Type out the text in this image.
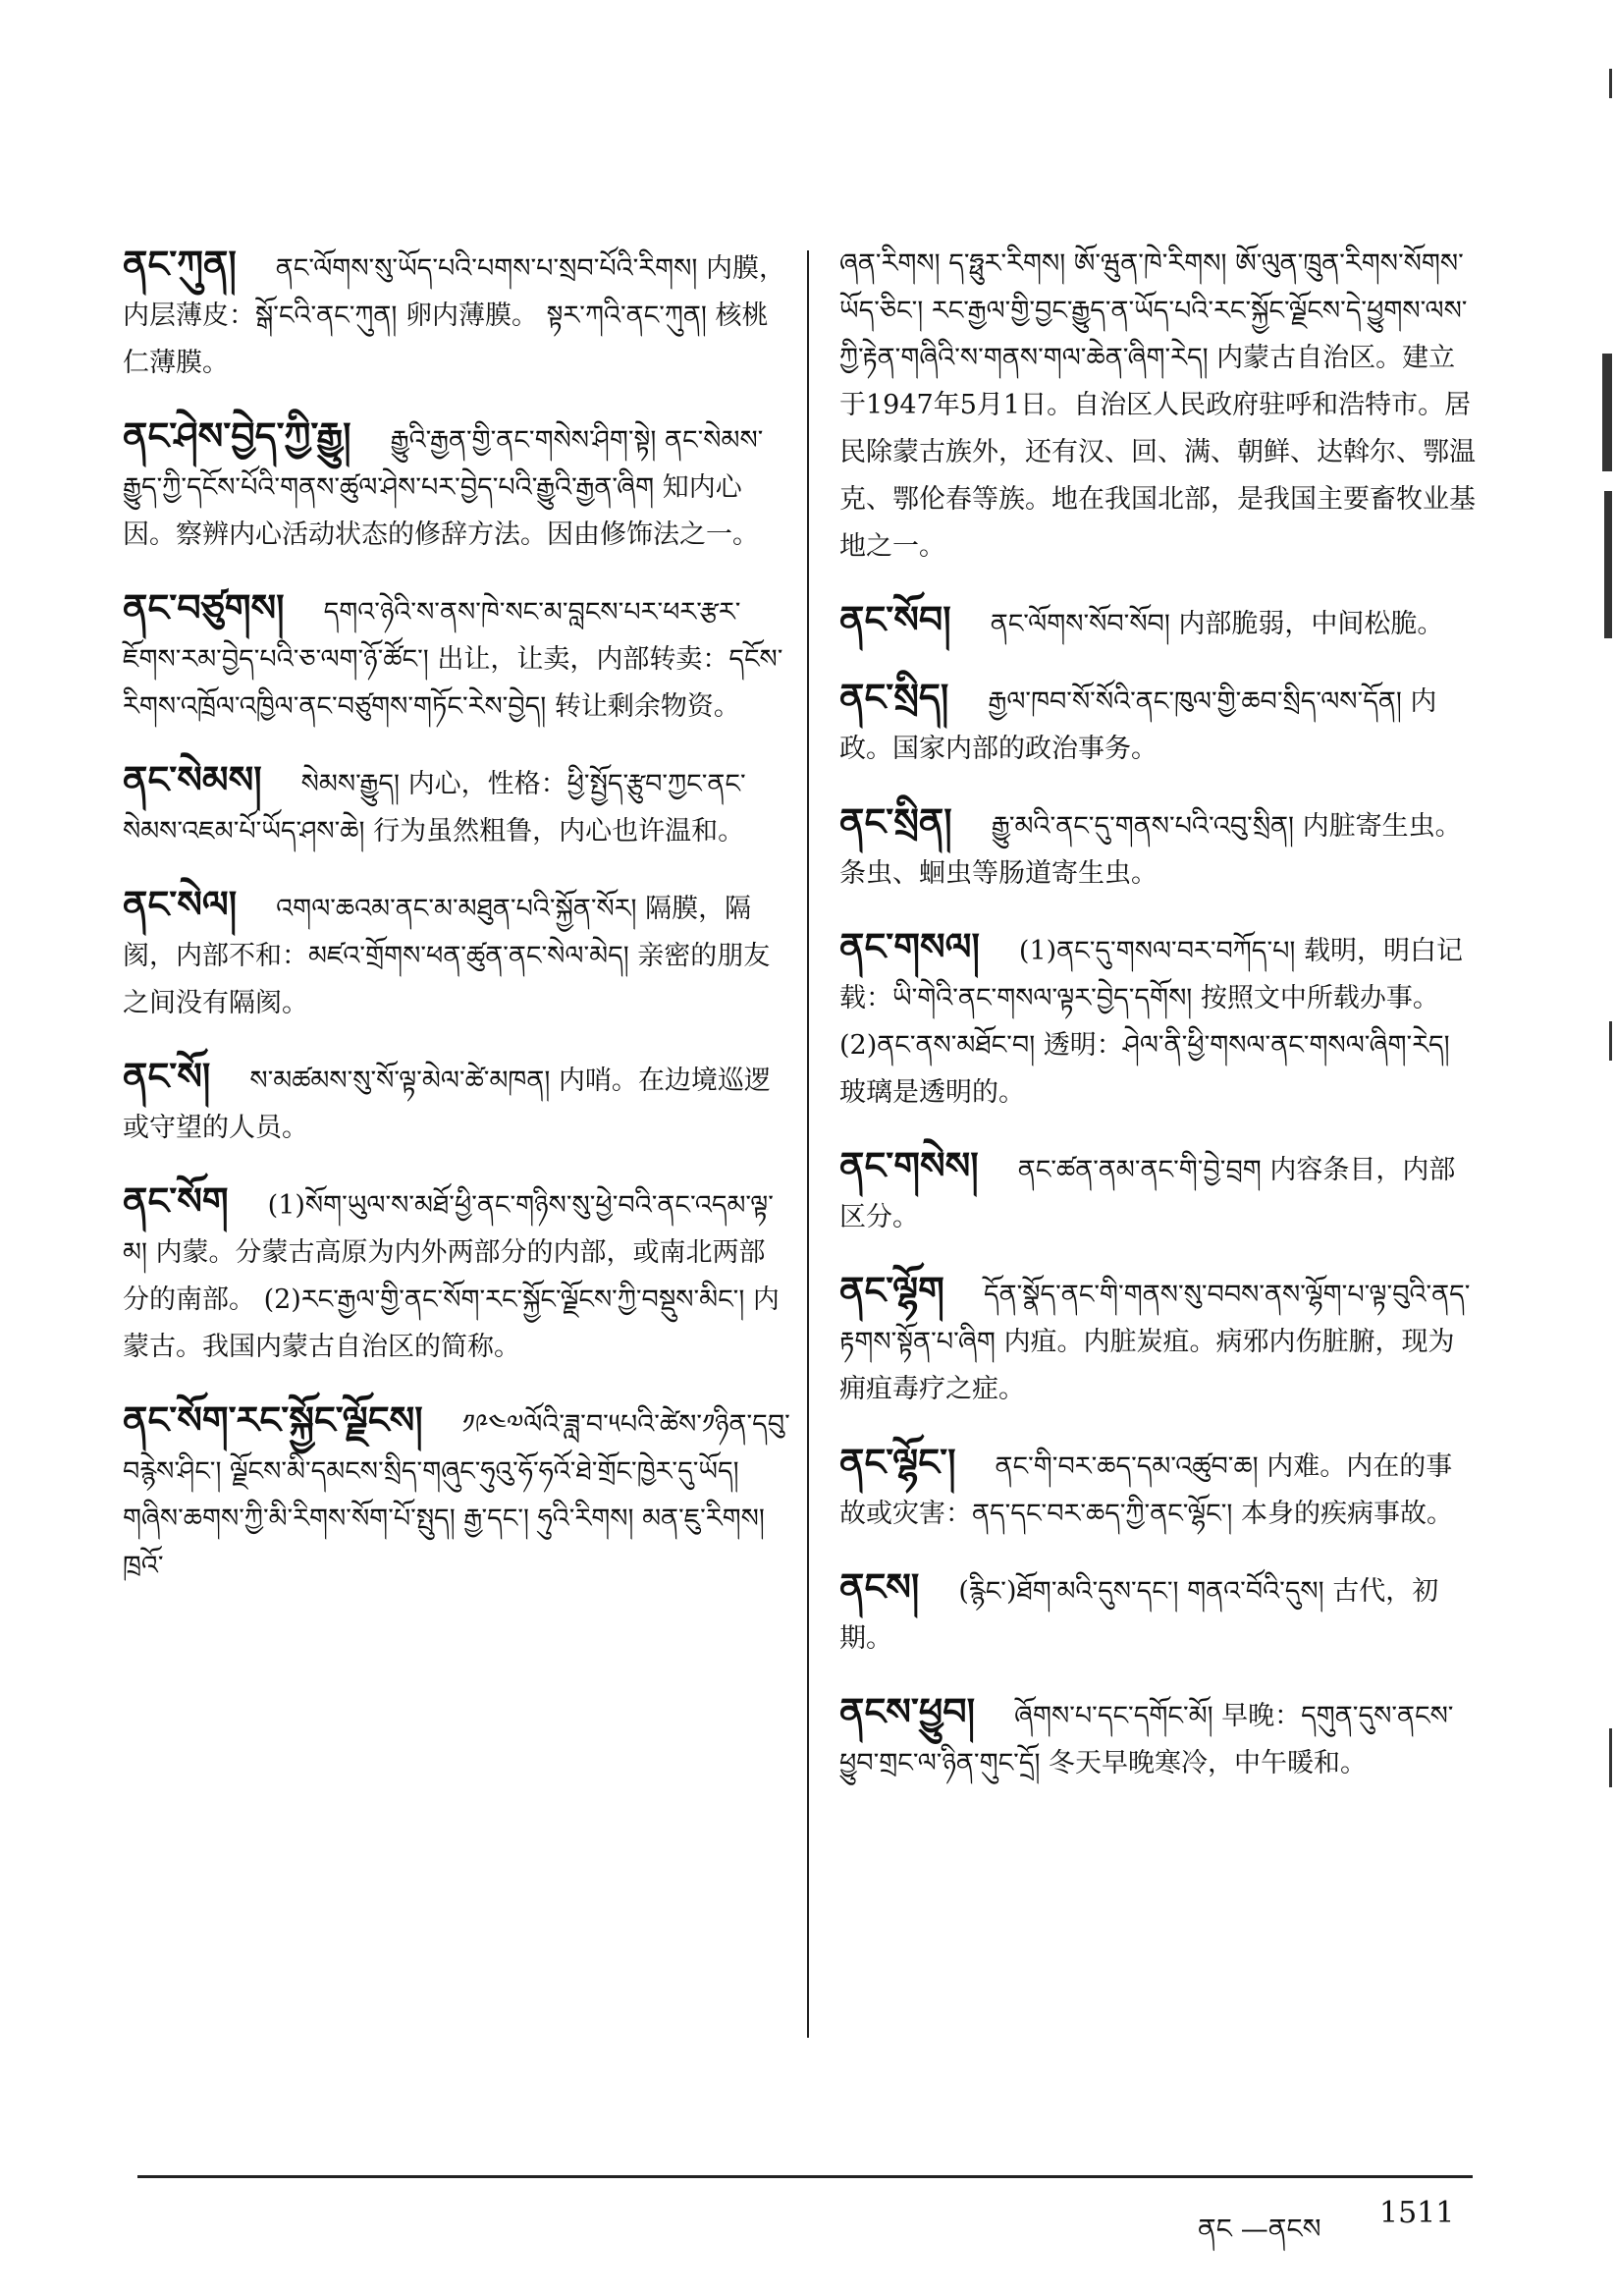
ནང་ཀུན། ནང་ལོགས་སུ་ཡོད་པའི་པགས་པ་སྲབ་པོའི་རིགས། 内膜，内层薄皮：སྒོ་ངའི་ནང་ཀུན། 卵内薄膜。 སྟར་ཀའི་ནང་ཀུན། 核桃仁薄膜。

ནང་ཤེས་བྱེད་ཀྱི་རྒྱུ། རྒྱུའི་རྒྱན་གྱི་ནང་གསེས་ཤིག་སྟེ། ནང་སེམས་རྒྱུད་ཀྱི་དངོས་པོའི་གནས་ཚུལ་ཤེས་པར་བྱེད་པའི་རྒྱུའི་རྒྱན་ཞིག 知内心因。察辨内心活动状态的修辞方法。因由修饰法之一。

ནང་བཙུགས། དགའ་ཉེའི་ས་ནས་ཁེ་སང་མ་བླངས་པར་ཕར་རྩར་ཇོགས་རམ་བྱེད་པའི་ཅ་ལག་ཉོ་ཚོང་། 出让，让卖，内部转卖：དངོས་རིགས་འཁྲོལ་འཁྱིལ་ནང་བཙུགས་གཏོང་རེས་བྱེད། 转让剩余物资。

ནང་སེམས། སེམས་རྒྱུད། 内心，性格：ཕྱི་སྤྱོད་རྩུབ་ཀྱང་ནང་སེམས་འཇམ་པོ་ཡོད་ཤས་ཆེ། 行为虽然粗鲁，内心也许温和。

ནང་སེལ། འགལ་ཆའམ་ནང་མ་མཐུན་པའི་སྐྱོན་སོར། 隔膜，隔阂，内部不和：མཛའ་གྲོགས་ཕན་ཚུན་ནང་སེལ་མེད། 亲密的朋友之间没有隔阂。

ནང་སོ། ས་མཚམས་སུ་སོ་ལྟ་མེལ་ཚེ་མཁན། 内哨。在边境巡逻或守望的人员。

ནང་སོག (1)སོག་ཡུལ་ས་མཐོ་ཕྱི་ནང་གཉིས་སུ་ཕྱེ་བའི་ནང་འདམ་ལྟ་མ། 内蒙。分蒙古高原为内外两部分的内部，或南北两部分的南部。 (2)རང་རྒྱལ་གྱི་ནང་སོག་རང་སྐྱོང་ལྗོངས་ཀྱི་བསྡུས་མིང་། 内蒙古。我国内蒙古自治区的简称。

ནང་སོག་རང་སྐྱོང་ལྗོངས། ༡༩༤༧ལོའི་ཟླ་བ་༥པའི་ཚེས་༡ཉིན་དབུ་བརྙེས་ཤིང་། ལྗོངས་མི་དམངས་སྲིད་གཞུང་ཧུའུ་ཧོ་ཧའོ་ཐེ་གྲོང་ཁྱེར་དུ་ཡོད། གཞིས་ཆགས་ཀྱི་མི་རིགས་སོག་པོ་སྤུད། རྒྱ་དང་། ཧུའི་རིགས། མན་ཇུ་རིགས། ཁྲའོ་

ཞན་རིགས། ད་ཧྥུར་རིགས། ཨོ་ཝུན་ཁེ་རིགས། ཨོ་ལུན་ཁྲུན་རིགས་སོགས་ཡོད་ཅིང་། རང་རྒྱལ་གྱི་བྱང་རྒྱུད་ན་ཡོད་པའི་རང་སྐྱོང་ལྗོངས་དེ་ཕྱུགས་ལས་ཀྱི་རྟེན་གཞིའི་ས་གནས་གལ་ཆེན་ཞིག་རེད། 内蒙古自治区。建立于1947年5月1日。自治区人民政府驻呼和浩特市。居民除蒙古族外，还有汉、回、满、朝鲜、达斡尔、鄂温克、鄂伦春等族。地在我国北部，是我国主要畜牧业基地之一。

ནང་སོབ། ནང་ལོགས་སོབ་སོབ། 内部脆弱，中间松脆。

ནང་སྲིད། རྒྱལ་ཁབ་སོ་སོའི་ནང་ཁུལ་གྱི་ཆབ་སྲིད་ལས་དོན། 内政。国家内部的政治事务。

ནང་སྲིན། རྒྱུ་མའི་ནང་དུ་གནས་པའི་འབུ་སྲིན། 内脏寄生虫。条虫、蛔虫等肠道寄生虫。

ནང་གསལ། (1)ནང་དུ་གསལ་བར་བཀོད་པ། 载明，明白记载：ཡི་གེའི་ནང་གསལ་ལྟར་བྱེད་དགོས། 按照文中所载办事。 (2)ནང་ནས་མཐོང་བ། 透明：ཤེལ་ནི་ཕྱི་གསལ་ནང་གསལ་ཞིག་རེད། 玻璃是透明的。

ནང་གསེས། ནང་ཚན་ནམ་ནང་གི་བྱེ་བྲག 内容条目，内部区分。

ནང་ལྷོག དོན་སྣོད་ནང་གི་གནས་སུ་བབས་ནས་ལྷོག་པ་ལྟ་བུའི་ནད་རྟགས་སྟོན་པ་ཞིག 内疽。内脏炭疽。病邪内伤脏腑，现为痈疽毒疗之症。

ནང་ལྷོང་། ནང་གི་བར་ཆད་དམ་འཚུབ་ཆ། 内难。内在的事故或灾害：ནད་དང་བར་ཆད་ཀྱི་ནང་ལྷོང་། 本身的疾病事故。

ནངས། (རྙིང་)ཐོག་མའི་དུས་དང་། གནའ་བོའི་དུས། 古代，初期。

ནངས་ཕྱུབ། ཞོགས་པ་དང་དགོང་མོ། 早晚：དགུན་དུས་ནངས་ཕྱུབ་གྲང་ལ་ཉིན་གུང་དྲོ། 冬天早晚寒冷，中午暖和。

ནང —ནངས 1511
